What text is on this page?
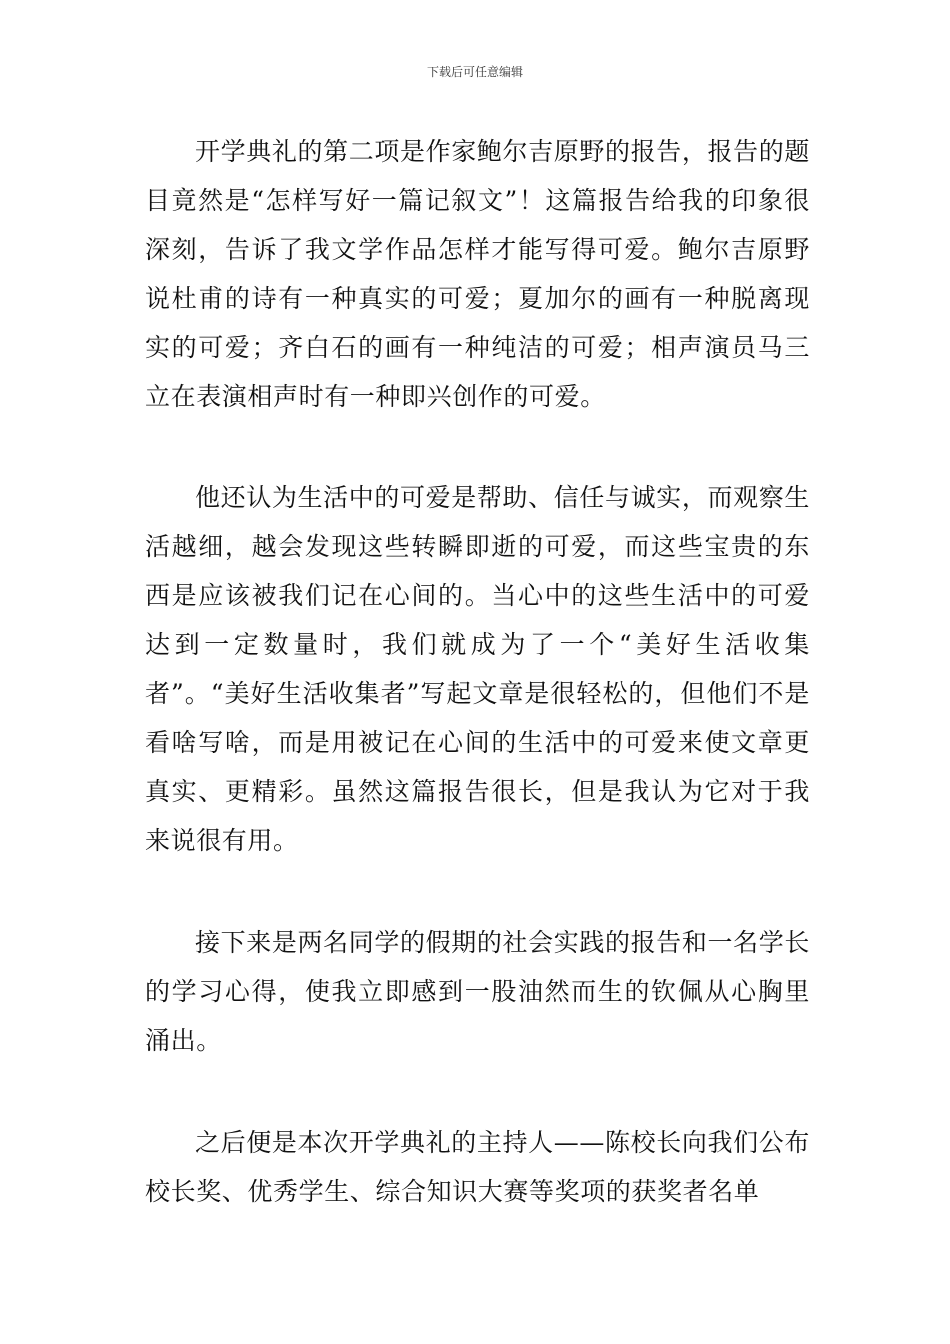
下载后可任意编辑

开学典礼的第二项是作家鲍尔吉原野的报告，报告的题目竟然是“怎样写好一篇记叙文”！这篇报告给我的印象很深刻，告诉了我文学作品怎样才能写得可爱。鲍尔吉原野说杜甫的诗有一种真实的可爱；夏加尔的画有一种脱离现实的可爱；齐白石的画有一种纯洁的可爱；相声演员马三立在表演相声时有一种即兴创作的可爱。

他还认为生活中的可爱是帮助、信任与诚实，而观察生活越细，越会发现这些转瞬即逝的可爱，而这些宝贵的东西是应该被我们记在心间的。当心中的这些生活中的可爱达到一定数量时，我们就成为了一个“美好生活收集者”。“美好生活收集者”写起文章是很轻松的，但他们不是看啥写啥，而是用被记在心间的生活中的可爱来使文章更真实、更精彩。虽然这篇报告很长，但是我认为它对于我来说很有用。

接下来是两名同学的假期的社会实践的报告和一名学长的学习心得，使我立即感到一股油然而生的钦佩从心胸里涌出。

之后便是本次开学典礼的主持人——陈校长向我们公布校长奖、优秀学生、综合知识大赛等奖项的获奖者名单
